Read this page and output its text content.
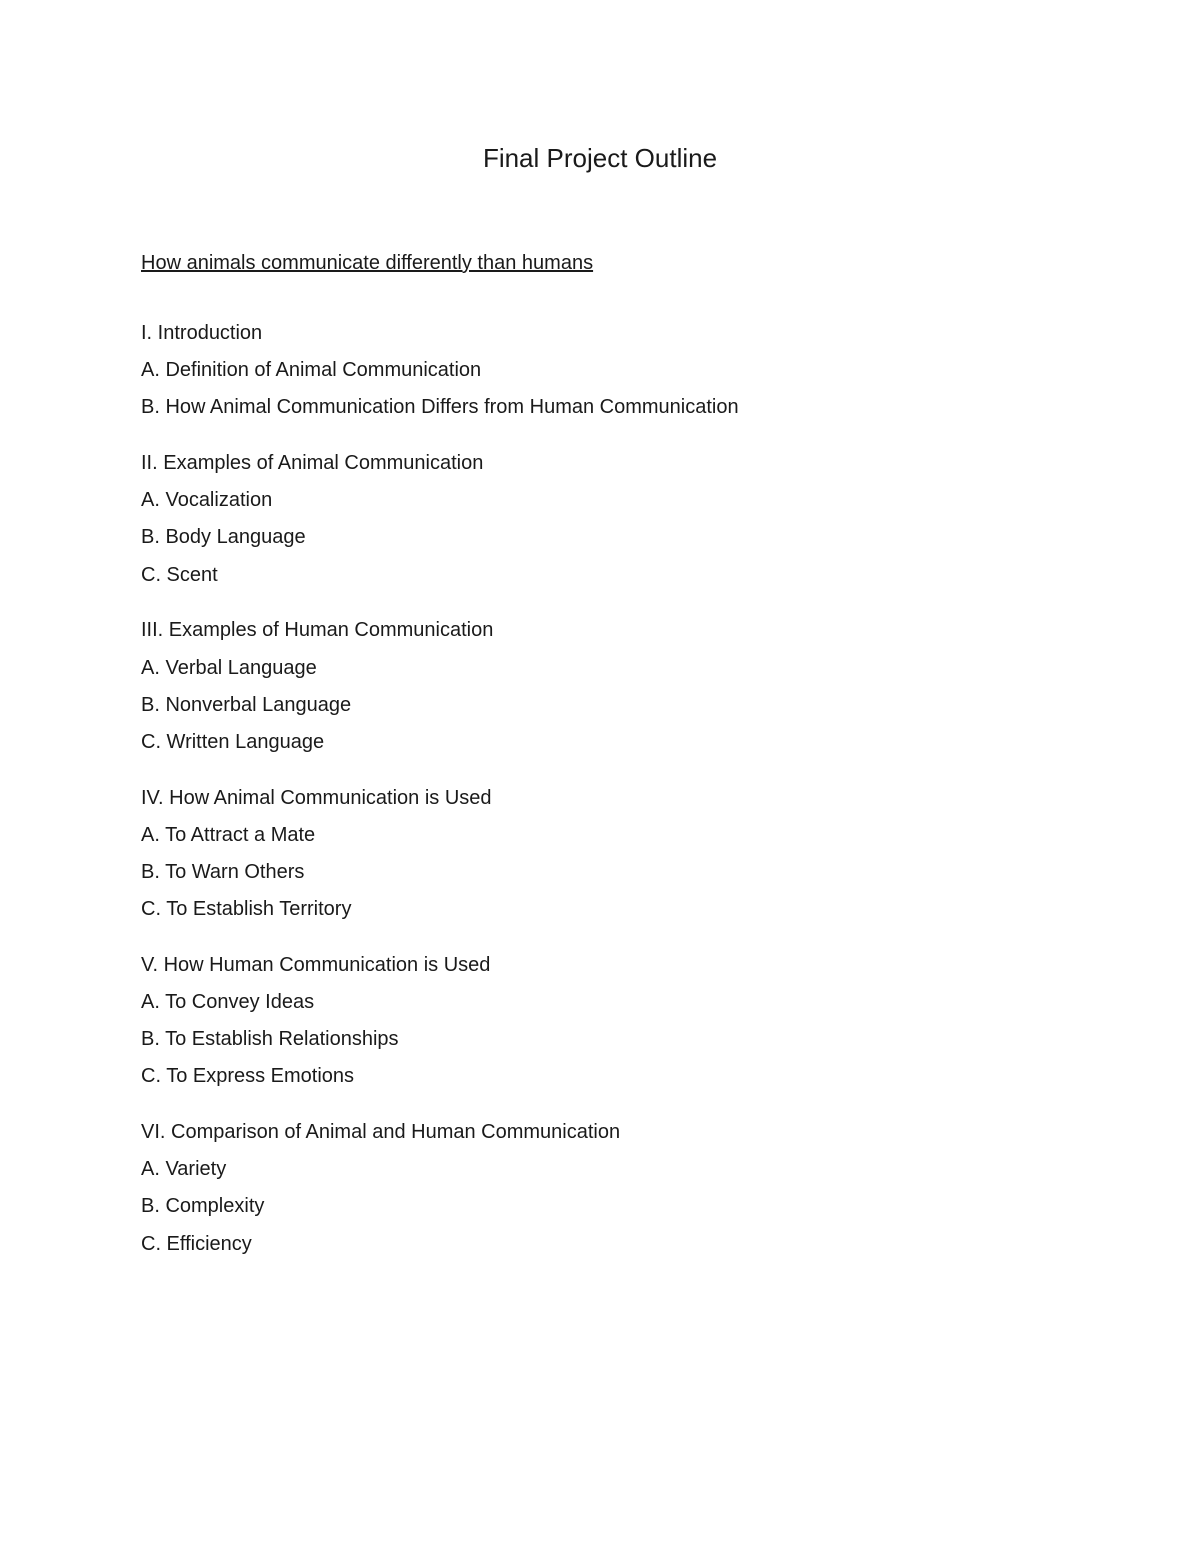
Final Project Outline

How animals communicate differently than humans

I. Introduction
A. Definition of Animal Communication
B. How Animal Communication Differs from Human Communication
II. Examples of Animal Communication
A. Vocalization
B. Body Language
C. Scent
III. Examples of Human Communication
A. Verbal Language
B. Nonverbal Language
C. Written Language
IV. How Animal Communication is Used
A. To Attract a Mate
B. To Warn Others
C. To Establish Territory
V. How Human Communication is Used
A. To Convey Ideas
B. To Establish Relationships
C. To Express Emotions
VI. Comparison of Animal and Human Communication
A. Variety
B. Complexity
C. Efficiency
